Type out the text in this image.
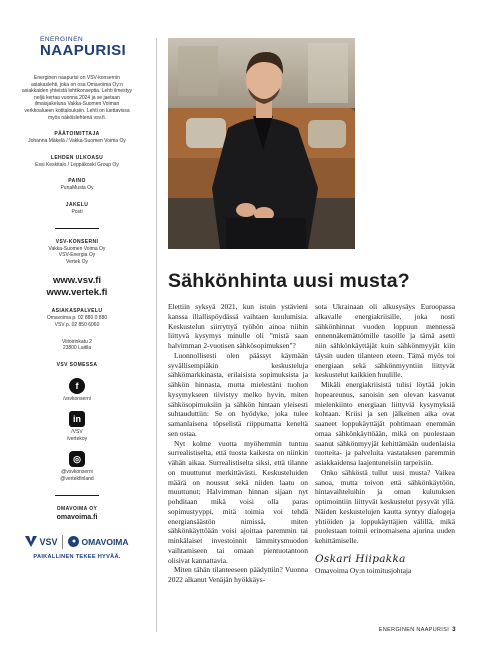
ENERGINEN
NAAPURISI

Energinen naapurisi on VSV-konsernin asiakaslehti, joka on osa Omavoima Oy:n asiakkaiden yhteistä lehtikonseptia. Lehti ilmestyy neljä kertaa vuonna 2024 ja se jaetaan ilmaisjakeluna Vakka-Suomen Voiman verkkoalueen kotitalouksiin. Lehti on luettavissa myös näköislehtenä vsv.fi.

PÄÄTOIMITTAJA
Johanna Mäkelä / Vakka-Suomen Voima Oy
LEHDEN ULKOASU
Essi Keskitalo / Leppäkoski Group Oy
PAINO
PunaMusta Oy
JAKELU
Posti
VSV-KONSERNI
Vakka-Suomen Voima Oy
VSV-Energia Oy
Vertek Oy
www.vsv.fi
www.vertek.fi
ASIAKASPALVELU
Omavoima p. 02 880 0 880
VSV p. 02 850 6060
Viitoirinkatu 2
23800 Laitila
VSV SOMESSA
f
/vsvkonserni
in
/VSV
/vertekoy
◎
@vsvkonserni
@vertekfinland
OMAVOIMA OY
omavoima.fi
VSV	● OMAVOIMA
PAIKALLINEN TEKEE HYVÄÄ.
Sähkönhinta uusi musta?

Elettiin syksyä 2021, kun istuin ystävieni kanssa illallispöydässä vaihtaen kuulumisia. Keskustelun siirryttyä työhön ainoa niihin liittyvä kysymys minulle oli "mistä saan halvimman 2-vuotisen sähkösopimuksen"?

Luonnollisesti olen päässyt käymään syvällisempiäkin keskusteluja sähkömarkkinasta, erilaisista sopimuksista ja sähkön hinnasta, mutta mielestäni tuohon kysymykseen tiivistyy melko hyvin, miten sähkösopimuksiin ja sähkön hintaan yleisesti suhtauduttiin: Se on hyödyke, joka tulee samanlaisena töpselistä riippumatta keneltä sen ostaa.

Nyt kolme vuotta myöhemmin tuntuu surrealistiselta, että tuosta kaikesta on niinkin vähän aikaa. Surrealistiselta siksi, että tilanne on muuttunut merkittävästi. Keskusteluiden määrä on noussut sekä niiden laatu on muuttunut; Halvimman hinnan sijaan nyt pohditaan mikä voisi olla paras sopimustyyppi, mitä toimia voi tehdä energiansäästön nimissä, miten sähkönkäyttöään voisi ajoittaa paremmin tai minkälaiset investoinnit lämmitysmuodon vaihtamiseen tai omaan pientuotantoon olisivat kannattavia.

Miten tähän tilanteeseen päädyttiin? Vuonna 2022 alkanut Venäjän hyökkäys-

sota Ukrainaan oli alkusysäys Euroopassa alkavalle energiakriisille, joka nosti sähkönhinnat vuoden loppuun mennessä ennennäkemättömille tasoille ja tämä asetti niin sähkönkäyttäjät kuin sähkönmyyjät kiin täysin uuden tilanteen eteen. Tämä myös toi energiaan sekä sähkönmyyntiin liittyvät keskustelut kaikkien huulille.

Mikäli energiakriisistä tulisi löytää jokin hopeareunus, sanoisin sen olevan kasvanut mielenkiinto energiaan liittyviä kysymyksiä kohtaan. Kriisi ja sen jälkeinen aika ovat saaneet loppukäyttäjät pohtimaan enemmän omaa sähkönkäyttöään, mikä on puolestaan saanut sähkönmyyjät kehittämään uudenlaisia tuotteita- ja palveluita vastataksen paremmin asiakkaidensa laajentuneisiin tarpeisiin.

Onko sähköstä tullut uusi musta? Vaikea sanoa, mutta toivon että sähkönkäytöön, hintavaihteluihin ja oman kulutuksen optimointiin liittyvät keskustelut pysyvät yllä. Näiden keskustelujen kautta syntyy dialogeja yhtiöiden ja loppukäyttäjien välillä, mikä puolestaan toimii erinomaisena ajurina uuden kehittämiselle.

Oskari Hiipakka
Omavoima Oy:n toimitusjohtaja
ENERGINEN NAAPURISI 3
